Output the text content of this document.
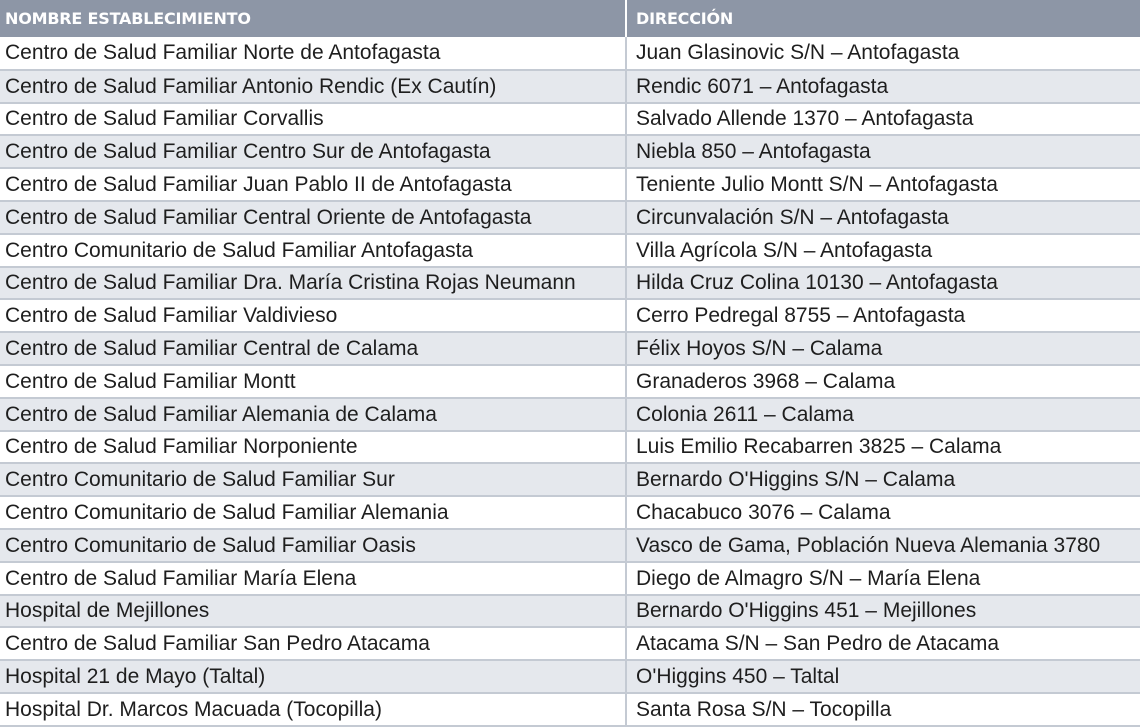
NOMBRE ESTABLECIMIENTO	DIRECCIÓN
Centro de Salud Familiar Norte de Antofagasta	Juan Glasinovic S/N – Antofagasta
Centro de Salud Familiar Antonio Rendic (Ex Cautín)	Rendic 6071 – Antofagasta
Centro de Salud Familiar Corvallis	Salvado Allende 1370 – Antofagasta
Centro de Salud Familiar Centro Sur de Antofagasta	Niebla 850 – Antofagasta
Centro de Salud Familiar Juan Pablo II de Antofagasta	Teniente Julio Montt S/N – Antofagasta
Centro de Salud Familiar Central Oriente de Antofagasta	Circunvalación S/N – Antofagasta
Centro Comunitario de Salud Familiar Antofagasta	Villa Agrícola S/N – Antofagasta
Centro de Salud Familiar Dra. María Cristina Rojas Neumann	Hilda Cruz Colina 10130 – Antofagasta
Centro de Salud Familiar Valdivieso	Cerro Pedregal 8755 – Antofagasta
Centro de Salud Familiar Central de Calama	Félix Hoyos S/N – Calama
Centro de Salud Familiar Montt	Granaderos 3968 – Calama
Centro de Salud Familiar Alemania de Calama	Colonia 2611 – Calama
Centro de Salud Familiar Norponiente	Luis Emilio Recabarren 3825 – Calama
Centro Comunitario de Salud Familiar Sur	Bernardo O'Higgins S/N – Calama
Centro Comunitario de Salud Familiar Alemania	Chacabuco 3076 – Calama
Centro Comunitario de Salud Familiar Oasis	Vasco de Gama, Población Nueva Alemania 3780
Centro de Salud Familiar María Elena	Diego de Almagro S/N – María Elena
Hospital de Mejillones	Bernardo O'Higgins 451 – Mejillones
Centro de Salud Familiar San Pedro Atacama	Atacama S/N – San Pedro de Atacama
Hospital 21 de Mayo (Taltal)	O'Higgins 450 – Taltal
Hospital Dr. Marcos Macuada (Tocopilla)	Santa Rosa S/N – Tocopilla
